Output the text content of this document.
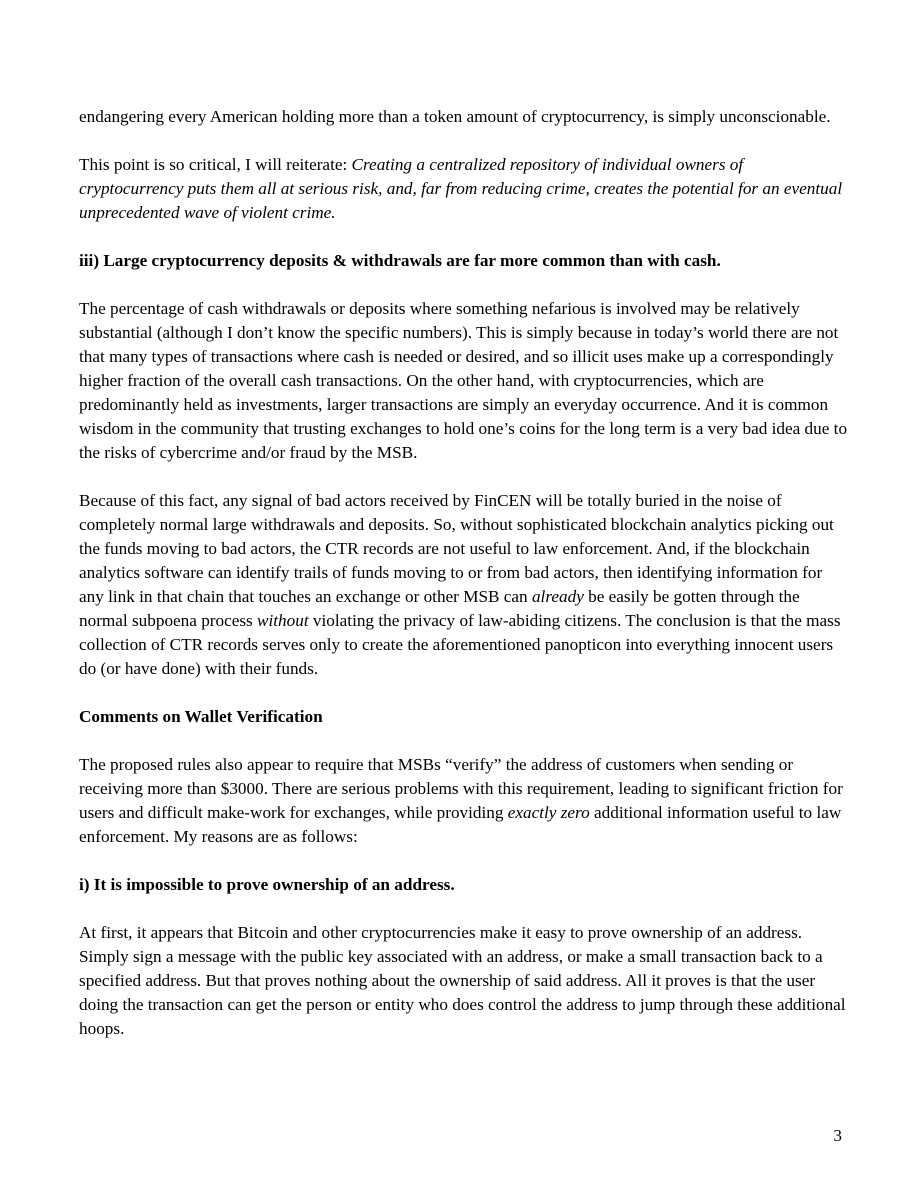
endangering every American holding more than a token amount of cryptocurrency, is simply unconscionable.

This point is so critical, I will reiterate: Creating a centralized repository of individual owners of cryptocurrency puts them all at serious risk, and, far from reducing crime, creates the potential for an eventual unprecedented wave of violent crime.

iii) Large cryptocurrency deposits & withdrawals are far more common than with cash.

The percentage of cash withdrawals or deposits where something nefarious is involved may be relatively substantial (although I don’t know the specific numbers). This is simply because in today’s world there are not that many types of transactions where cash is needed or desired, and so illicit uses make up a correspondingly higher fraction of the overall cash transactions. On the other hand, with cryptocurrencies, which are predominantly held as investments, larger transactions are simply an everyday occurrence. And it is common wisdom in the community that trusting exchanges to hold one’s coins for the long term is a very bad idea due to the risks of cybercrime and/or fraud by the MSB.

Because of this fact, any signal of bad actors received by FinCEN will be totally buried in the noise of completely normal large withdrawals and deposits. So, without sophisticated blockchain analytics picking out the funds moving to bad actors, the CTR records are not useful to law enforcement. And, if the blockchain analytics software can identify trails of funds moving to or from bad actors, then identifying information for any link in that chain that touches an exchange or other MSB can already be easily be gotten through the normal subpoena process without violating the privacy of law-abiding citizens. The conclusion is that the mass collection of CTR records serves only to create the aforementioned panopticon into everything innocent users do (or have done) with their funds.

Comments on Wallet Verification

The proposed rules also appear to require that MSBs “verify” the address of customers when sending or receiving more than $3000. There are serious problems with this requirement, leading to significant friction for users and difficult make-work for exchanges, while providing exactly zero additional information useful to law enforcement. My reasons are as follows:

i) It is impossible to prove ownership of an address.

At first, it appears that Bitcoin and other cryptocurrencies make it easy to prove ownership of an address. Simply sign a message with the public key associated with an address, or make a small transaction back to a specified address. But that proves nothing about the ownership of said address. All it proves is that the user doing the transaction can get the person or entity who does control the address to jump through these additional hoops.

3
